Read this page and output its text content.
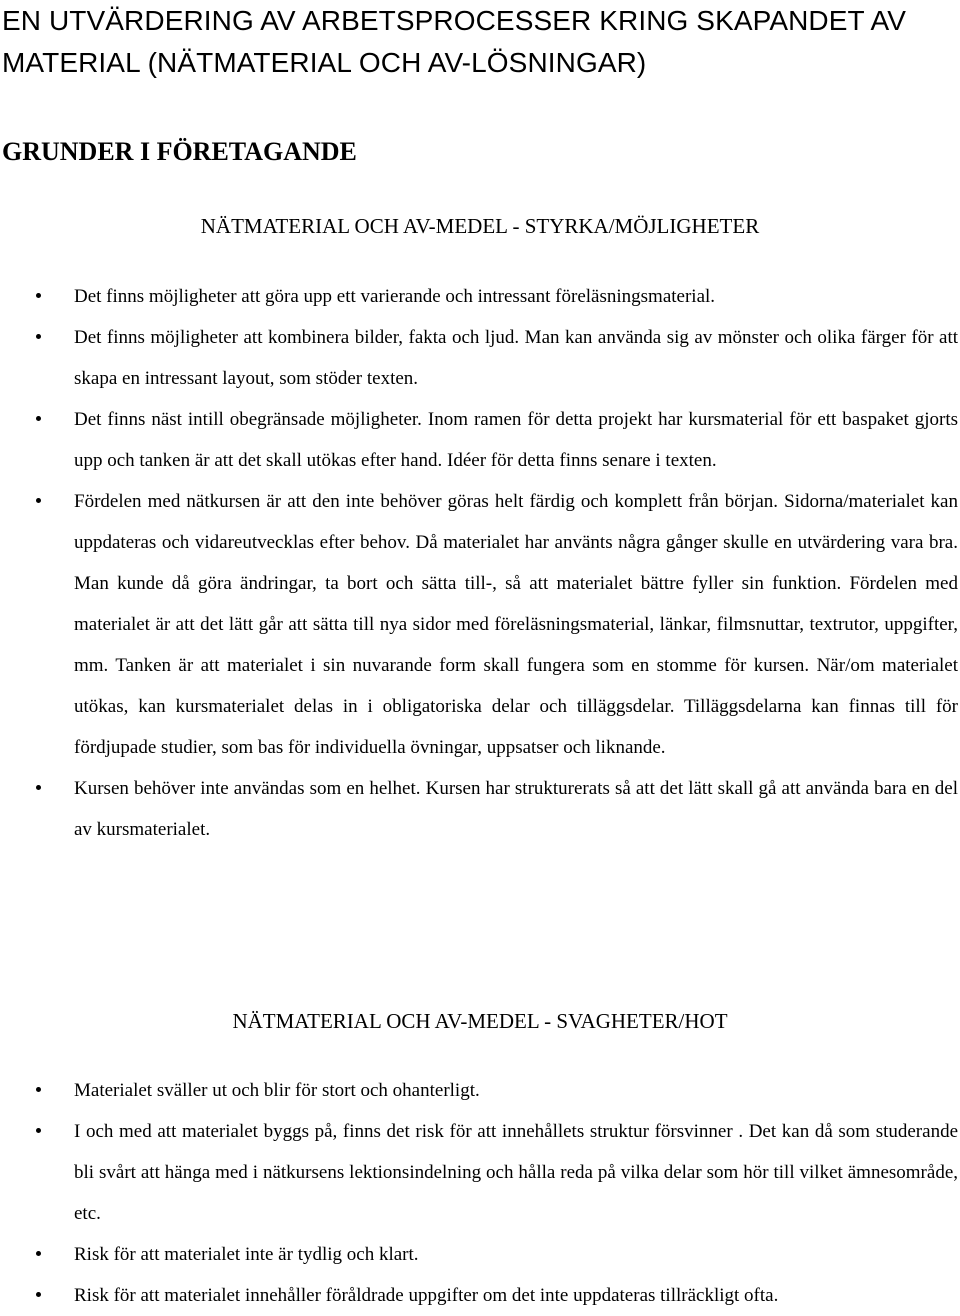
EN UTVÄRDERING AV ARBETSPROCESSER KRING SKAPANDET AV MATERIAL (NÄTMATERIAL OCH AV-LÖSNINGAR)
GRUNDER I FÖRETAGANDE
NÄTMATERIAL OCH AV-MEDEL - STYRKA/MÖJLIGHETER
Det finns möjligheter att göra upp ett varierande och intressant föreläsningsmaterial.
Det finns möjligheter att kombinera bilder, fakta och ljud. Man kan använda sig av mönster och olika färger för att skapa en intressant layout, som stöder texten.
Det finns näst intill obegränsade möjligheter. Inom ramen för detta projekt har kursmaterial för ett baspaket gjorts upp och tanken är att det skall utökas efter hand. Idéer för detta finns senare i texten.
Fördelen med nätkursen är att den inte behöver göras helt färdig och komplett från början. Sidorna/materialet kan uppdateras och vidareutvecklas efter behov. Då materialet har använts några gånger skulle en utvärdering vara bra. Man kunde då göra ändringar, ta bort och sätta till-, så att materialet bättre fyller sin funktion. Fördelen med materialet är att det lätt går att sätta till nya sidor med föreläsningsmaterial, länkar, filmsnuttar, textrutor, uppgifter, mm. Tanken är att materialet i sin nuvarande form skall fungera som en stomme för kursen. När/om materialet utökas, kan kursmaterialet delas in i obligatoriska delar och tilläggsdelar. Tilläggsdelarna kan finnas till för fördjupade studier, som bas för individuella övningar, uppsatser och liknande.
Kursen behöver inte användas som en helhet. Kursen har strukturerats så att det lätt skall gå att använda bara en del av kursmaterialet.
NÄTMATERIAL OCH AV-MEDEL - SVAGHETER/HOT
Materialet sväller ut och blir för stort och ohanterligt.
I och med att materialet byggs på, finns det risk för att innehållets struktur försvinner . Det kan då som studerande bli svårt att hänga med i nätkursens lektionsindelning och hålla reda på vilka delar som hör till vilket ämnesområde, etc.
Risk för att materialet inte är tydlig och klart.
Risk för att materialet innehåller föråldrade uppgifter om det inte uppdateras tillräckligt ofta.
